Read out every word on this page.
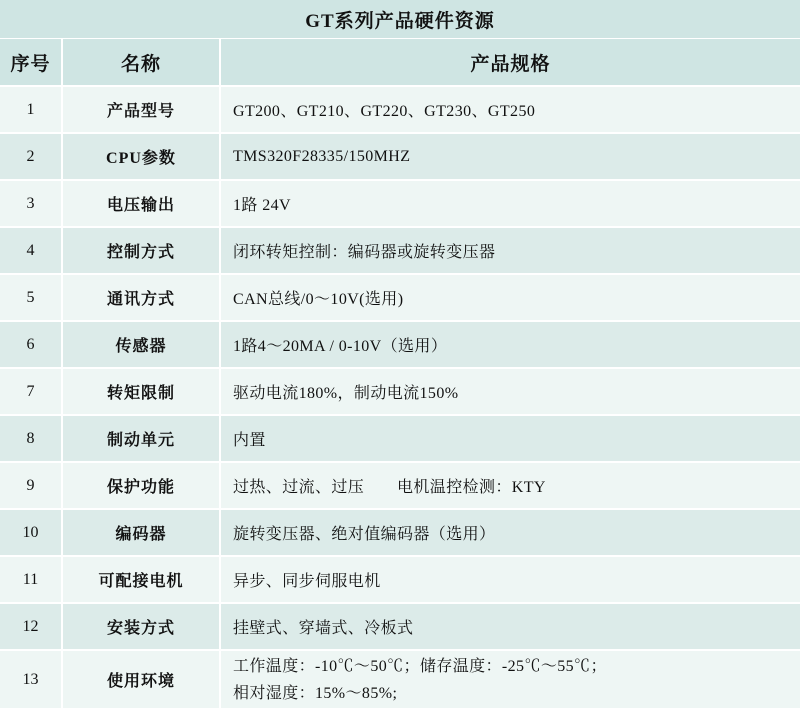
GT系列产品硬件资源
序号	名称	产品规格
1	产品型号	GT200、GT210、GT220、GT230、GT250
2	CPU参数	TMS320F28335/150MHZ
3	电压输出	1路 24V
4	控制方式	闭环转矩控制：编码器或旋转变压器
5	通讯方式	CAN总线/0～10V(选用)
6	传感器	1路4～20MA / 0-10V（选用）
7	转矩限制	驱动电流180%，制动电流150%
8	制动单元	内置
9	保护功能	过热、过流、过压　　电机温控检测：KTY
10	编码器	旋转变压器、绝对值编码器（选用）
11	可配接电机	异步、同步伺服电机
12	安装方式	挂壁式、穿墙式、冷板式
13	使用环境	工作温度：-10℃～50℃；储存温度：-25℃～55℃；
相对湿度：15%～85%;
